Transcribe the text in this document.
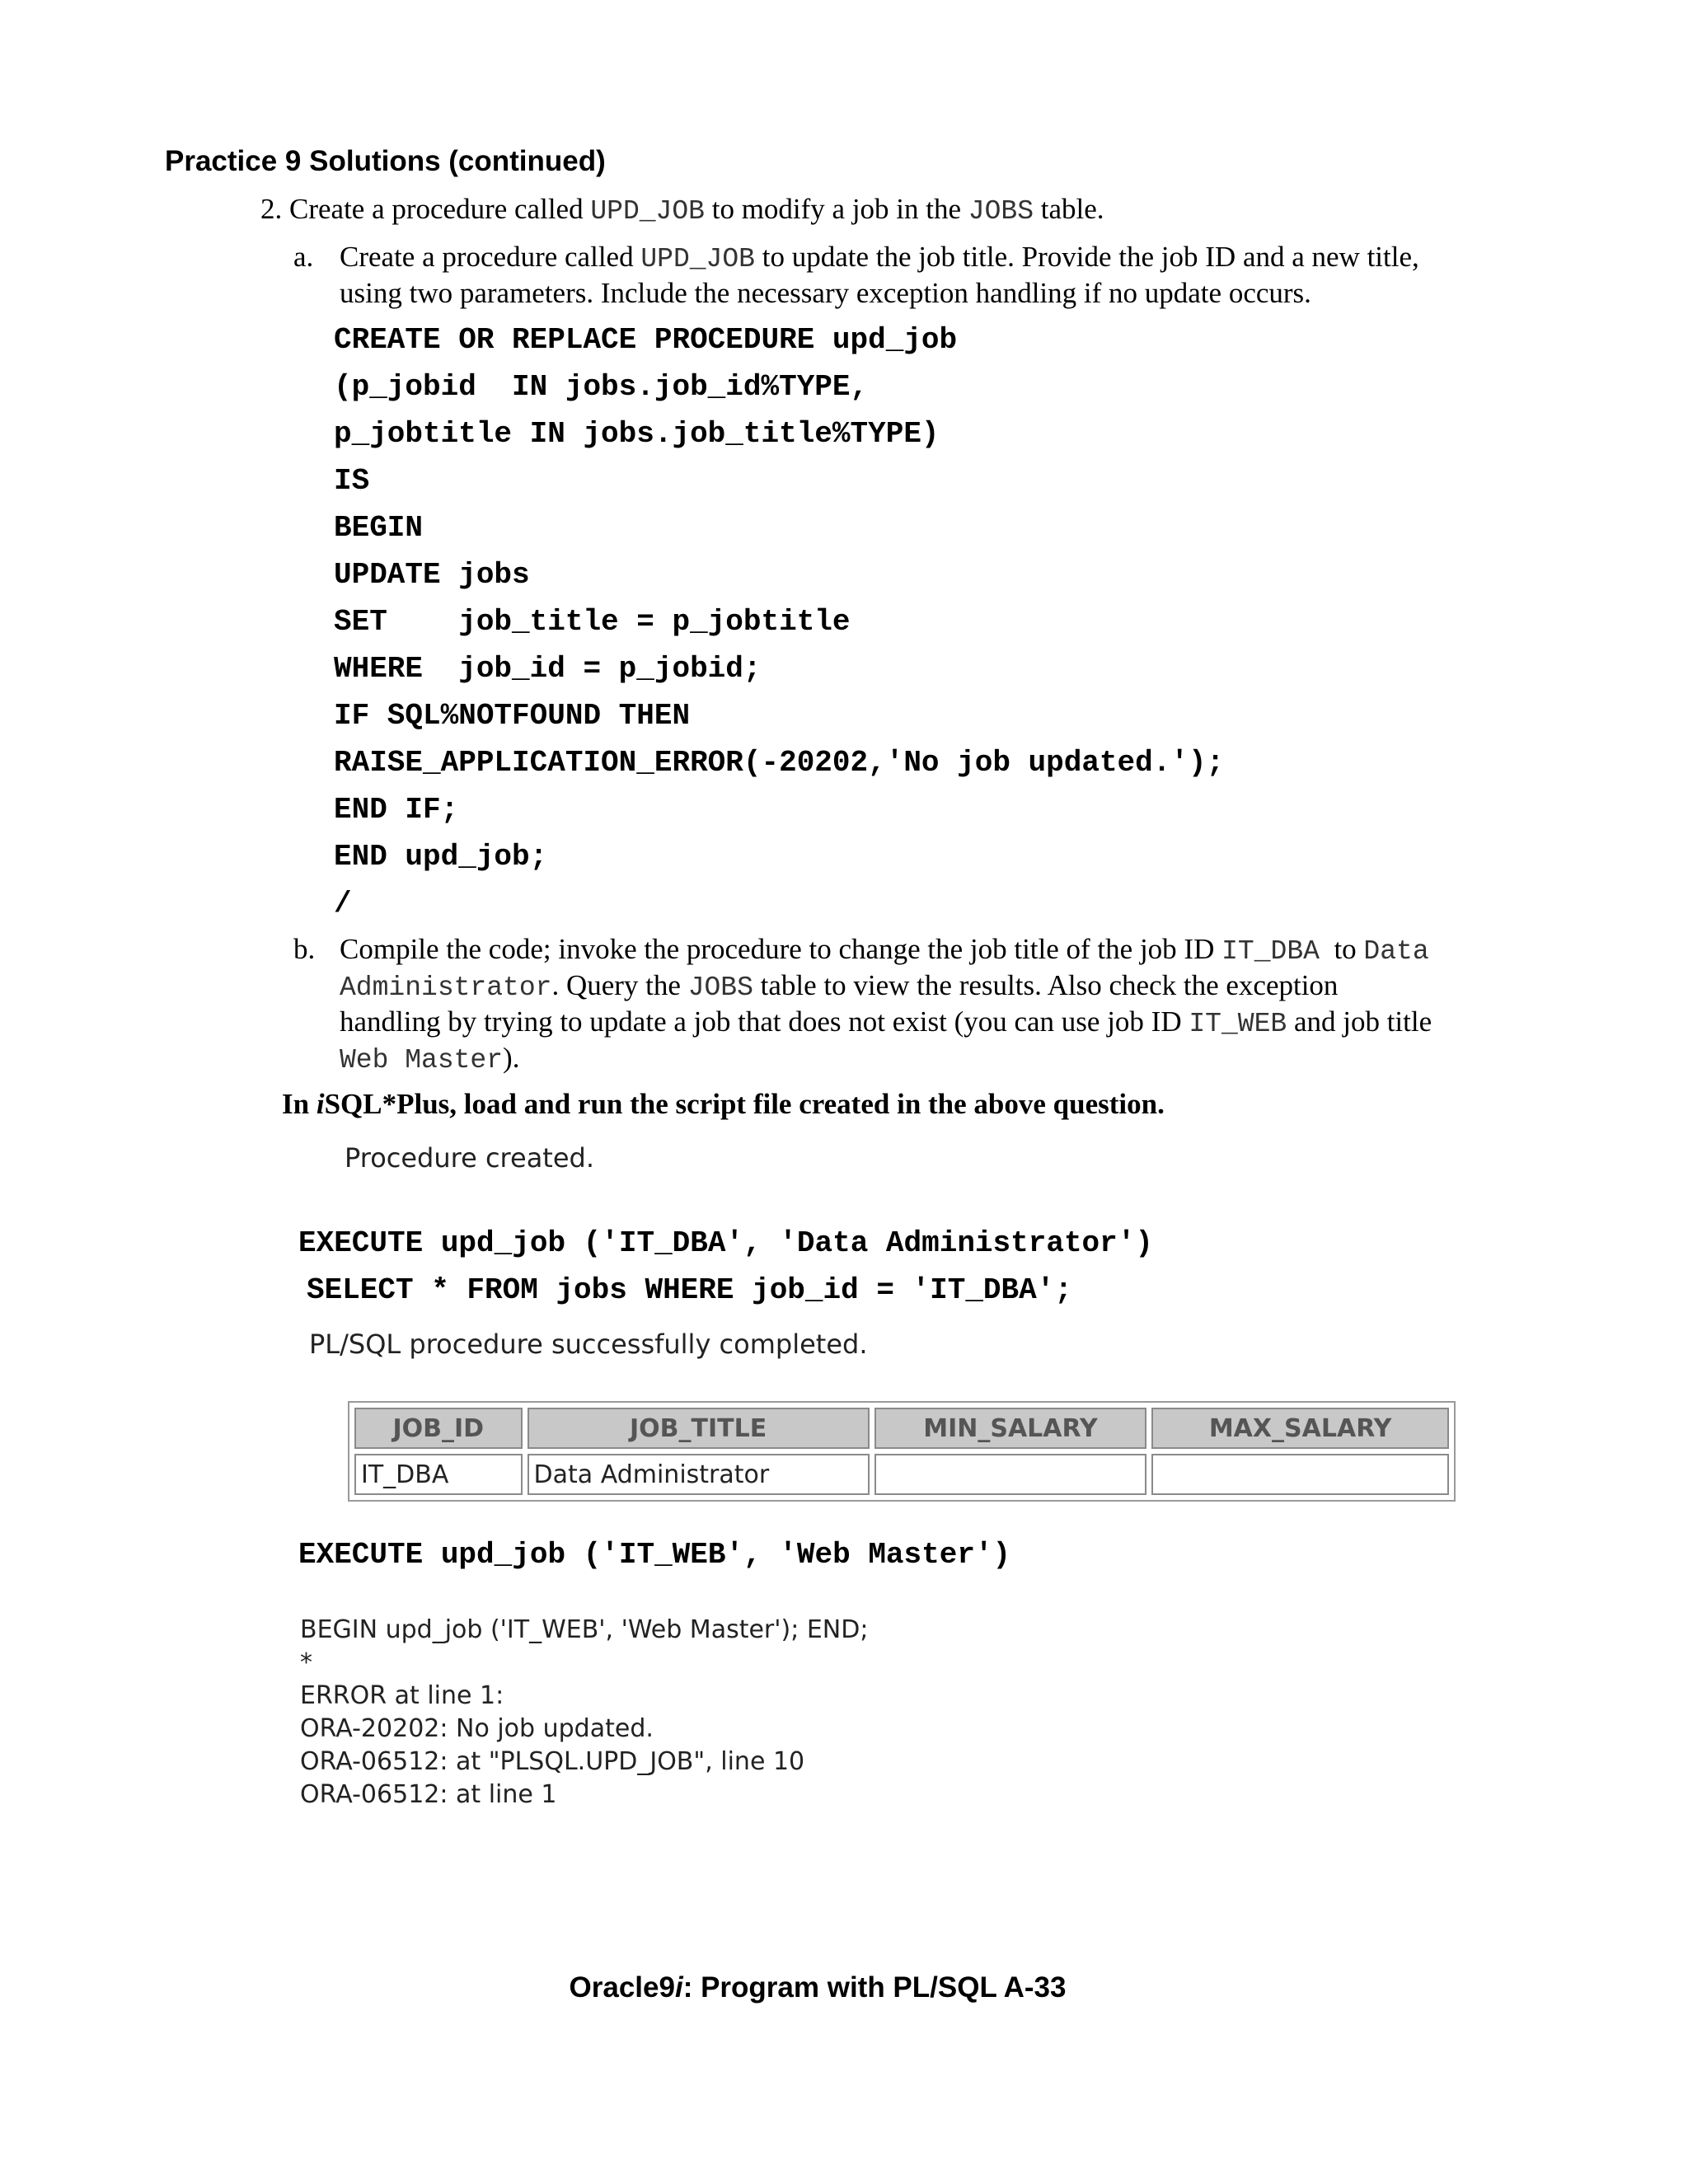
Practice 9 Solutions (continued)
2. Create a procedure called UPD_JOB to modify a job in the JOBS table.
a. Create a procedure called UPD_JOB to update the job title. Provide the job ID and a new title,
using two parameters. Include the necessary exception handling if no update occurs.
CREATE OR REPLACE PROCEDURE upd_job
(p_jobid  IN jobs.job_id%TYPE,
p_jobtitle IN jobs.job_title%TYPE)
IS
BEGIN
UPDATE jobs
SET    job_title = p_jobtitle
WHERE  job_id = p_jobid;
IF SQL%NOTFOUND THEN
RAISE_APPLICATION_ERROR(-20202,'No job updated.');
END IF;
END upd_job;
/
b. Compile the code; invoke the procedure to change the job title of the job ID IT_DBA  to Data
Administrator. Query the JOBS table to view the results. Also check the exception
handling by trying to update a job that does not exist (you can use job ID IT_WEB and job title
Web Master).
In iSQL*Plus, load and run the script file created in the above question.
Procedure created.
EXECUTE upd_job ('IT_DBA', 'Data Administrator')
SELECT * FROM jobs WHERE job_id = 'IT_DBA';
PL/SQL procedure successfully completed.
JOB_ID	JOB_TITLE	MIN_SALARY	MAX_SALARY
IT_DBA	Data Administrator		
EXECUTE upd_job ('IT_WEB', 'Web Master')
BEGIN upd_job ('IT_WEB', 'Web Master'); END;
*
ERROR at line 1:
ORA-20202: No job updated.
ORA-06512: at "PLSQL.UPD_JOB", line 10
ORA-06512: at line 1
Oracle9i: Program with PL/SQL A-33
